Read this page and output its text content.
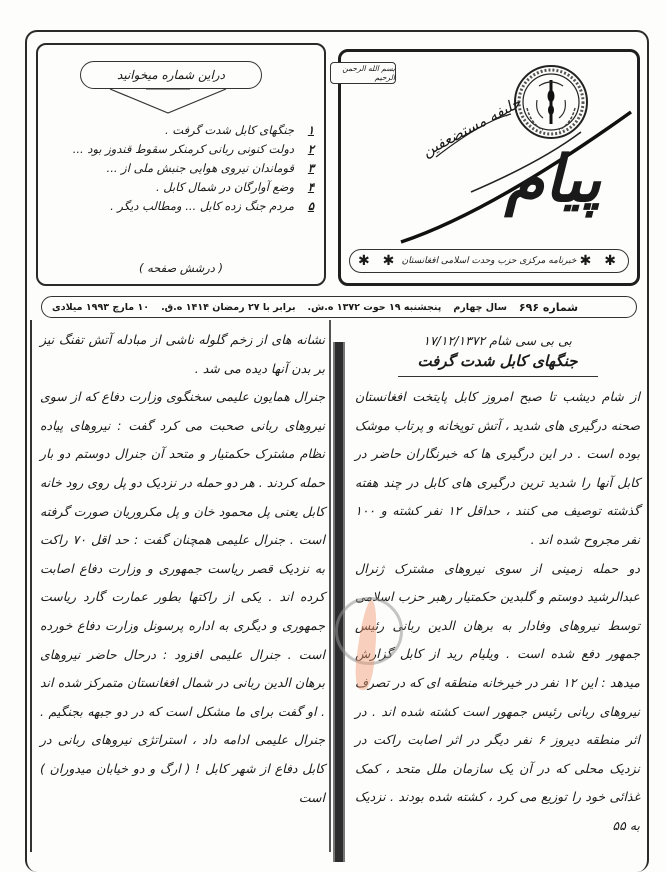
دراین شماره میخوانید
۱
جنگهای کابل شدت گرفت .
۲
دولت کنونی ربانی کرمنکر سقوط قندوز بود ...
۳
قوماندان نیروی هوایی جنبش ملی از ...
۴
وضع آوارگان در شمال کابل .
۵
مردم جنگ زده کابل ... ومطالب دیگر .
( درشش صفحه )
بسم الله الرحمن الرحیم
خلیفه مستضعفین
پیام
✱ ✱
خبرنامه مرکزی حزب وحدت اسلامی افغانستان
✱ ✱
شماره ۶۹۶
سال چهارم
پنجشنبه ۱۹ حوت ۱۳۷۲ ه.ش.
برابر با ۲۷ رمضان ۱۴۱۴ ه.ق.
۱۰ مارچ ۱۹۹۳ میلادی
بی بی سی شام ۱۷/۱۲/۱۳۷۲
جنگهای کابل شدت گرفت

از شام دیشب تا صبح امروز کابل پایتخت افغانستان صحنه درگیری های شدید ، آتش توپخانه و پرتاب موشک بوده است . در این درگیری ها که خبرنگاران حاضر در کابل آنها را شدید ترین درگیری های کابل در چند هفته گذشته توصیف می کنند ، حداقل ۱۲ نفر کشته و ۱۰۰ نفر مجروح شده اند .

دو حمله زمینی از سوی نیروهای مشترک ژنرال عبدالرشید دوستم و گلبدین حکمتیار رهبر حزب اسلامی توسط نیروهای وفادار به برهان الدین ربانی رئیس جمهور دفع شده است . ویلیام رید از کابل گزارش میدهد : این ۱۲ نفر در خیرخانه منطقه ای که در تصرف نیروهای ربانی رئیس جمهور است کشته شده اند . در اثر منطقه دیروز ۶ نفر دیگر در اثر اصابت راکت در نزدیک محلی که در آن یک سازمان ملل متحد ، کمک غذائی خود را توزیع می کرد ، کشته شده بودند . نزدیک به ۵۵

نشانه های از زخم گلوله ناشی از مبادله آتش تفنگ نیز بر بدن آنها دیده می شد .

جنرال همایون علیمی سخنگوی وزارت دفاع که از سوی نیروهای ربانی صحبت می کرد گفت : نیروهای پیاده نظام مشترک حکمتیار و متحد آن جنرال دوستم دو بار حمله کردند . هر دو حمله در نزدیک دو پل روی رود خانه کابل یعنی پل محمود خان و پل مکروریان صورت گرفته است . جنرال علیمی همچنان گفت : حد اقل ۷۰ راکت به نزدیک قصر ریاست جمهوری و وزارت دفاع اصابت کرده اند . یکی از راکتها بطور عمارت گارد ریاست جمهوری و دیگری به اداره پرسونل وزارت دفاع خورده است . جنرال علیمی افزود : درحال حاضر نیروهای برهان الدین ربانی در شمال افغانستان متمرکز شده اند . او گفت برای ما مشکل است که در دو جبهه بجنگیم . جنرال علیمی ادامه داد ، استراتژی نیروهای ربانی در کابل دفاع از شهر کابل ! ( ارگ و دو خیابان میدوران ) است
